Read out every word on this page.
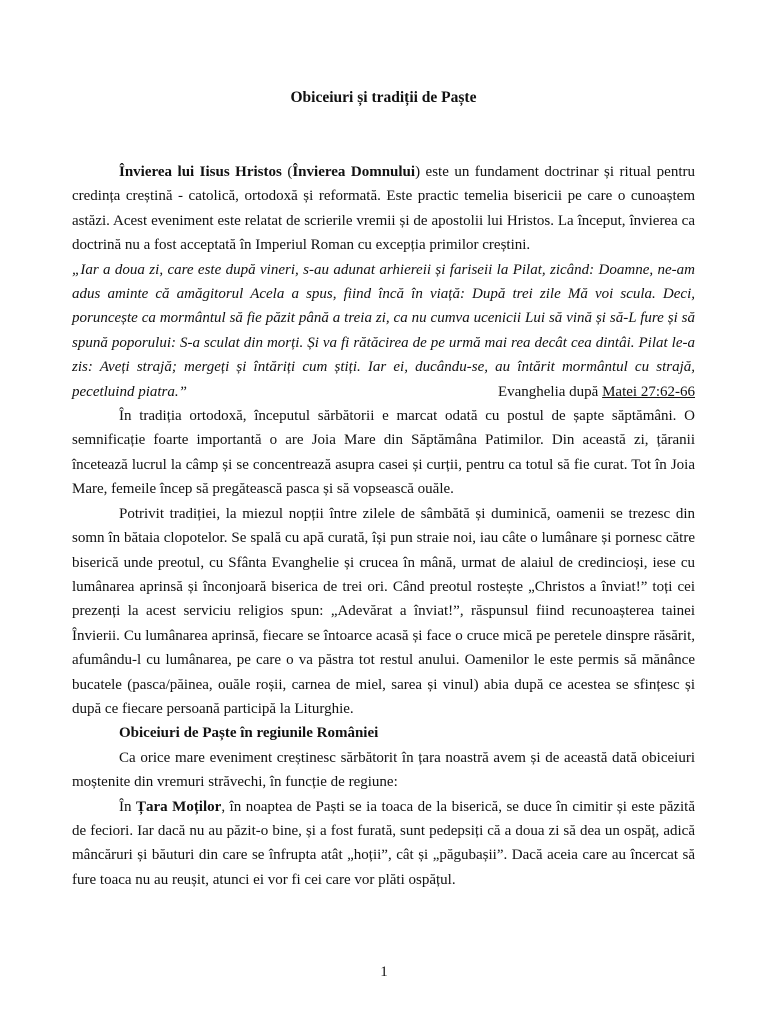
Obiceiuri și tradiții de Paște

Învierea lui Iisus Hristos (Învierea Domnului) este un fundament doctrinar și ritual pentru credința creștină - catolică, ortodoxă și reformată. Este practic temelia bisericii pe care o cunoaștem astăzi. Acest eveniment este relatat de scrierile vremii și de apostolii lui Hristos. La început, învierea ca doctrină nu a fost acceptată în Imperiul Roman cu excepția primilor creștini.

„Iar a doua zi, care este după vineri, s-au adunat arhiereii și fariseii la Pilat, zicând: Doamne, ne-am adus aminte că amăgitorul Acela a spus, fiind încă în viață: După trei zile Mă voi scula. Deci, poruncește ca mormântul să fie păzit până a treia zi, ca nu cumva ucenicii Lui să vină și să-L fure și să spună poporului: S-a sculat din morți. Și va fi rătăcirea de pe urmă mai rea decât cea dintâi. Pilat le-a zis: Aveți strajă; mergeți și întăriți cum știți. Iar ei, ducându-se, au întărit mormântul cu strajă, pecetluind piatra.”	Evanghelia după Matei 27:62-66

În tradiția ortodoxă, începutul sărbătorii e marcat odată cu postul de șapte săptămâni. O semnificație foarte importantă o are Joia Mare din Săptămâna Patimilor. Din această zi, țăranii încetează lucrul la câmp și se concentrează asupra casei și curții, pentru ca totul să fie curat. Tot în Joia Mare, femeile încep să pregătească pasca și să vopsească ouăle.

Potrivit tradiției, la miezul nopții între zilele de sâmbătă și duminică, oamenii se trezesc din somn în bătaia clopotelor. Se spală cu apă curată, își pun straie noi, iau câte o lumânare și pornesc către biserică unde preotul, cu Sfânta Evanghelie și crucea în mână, urmat de alaiul de credincioși, iese cu lumânarea aprinsă și înconjoară biserica de trei ori. Când preotul rostește „Christos a înviat!” toți cei prezenți la acest serviciu religios spun: „Adevărat a înviat!”, răspunsul fiind recunoașterea tainei Învierii. Cu lumânarea aprinsă, fiecare se întoarce acasă și face o cruce mică pe peretele dinspre răsărit, afumându-l cu lumânarea, pe care o va păstra tot restul anului. Oamenilor le este permis să mănânce bucatele (pasca/păinea, ouăle roșii, carnea de miel, sarea și vinul) abia după ce acestea se sfințesc și după ce fiecare persoană participă la Liturghie.

Obiceiuri de Paște în regiunile României

Ca orice mare eveniment creștinesc sărbătorit în țara noastră avem și de această dată obiceiuri moștenite din vremuri străvechi, în funcție de regiune:

În Țara Moților, în noaptea de Paști se ia toaca de la biserică, se duce în cimitir și este păzită de feciori. Iar dacă nu au păzit-o bine, și a fost furată, sunt pedepsiți că a doua zi să dea un ospăț, adică mâncăruri și băuturi din care se înfrupta atât „hoții”, cât și „păgubașii”. Dacă aceia care au încercat să fure toaca nu au reușit, atunci ei vor fi cei care vor plăti ospățul.

1
